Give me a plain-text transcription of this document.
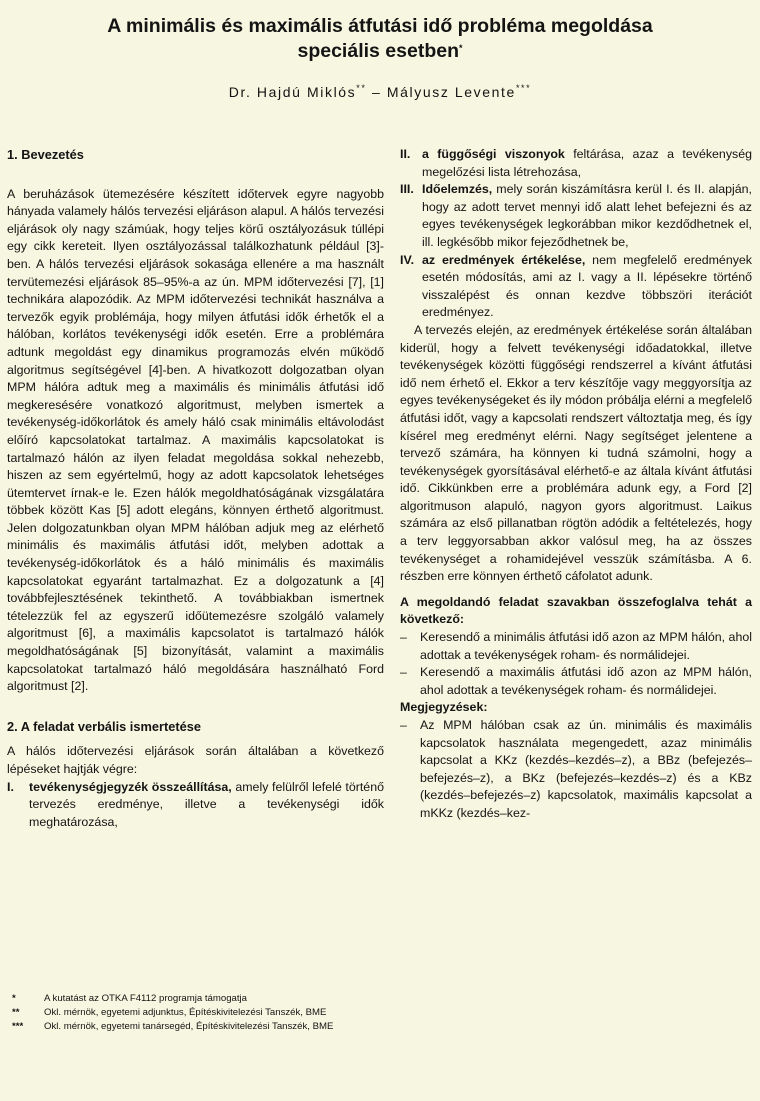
A minimális és maximális átfutási idő probléma megoldása
speciális esetben*
Dr. Hajdú Miklós** – Mályusz Levente***
1. Bevezetés

A beruházások ütemezésére készített időtervek egyre nagyobb hányada valamely hálós tervezési eljáráson alapul. A hálós tervezési eljárások oly nagy számúak, hogy teljes körű osztályozásuk túllépi egy cikk kereteit. Ilyen osztályozással találkozhatunk például [3]-ben. A hálós tervezési eljárások sokasága ellenére a ma használt tervütemezési eljárások 85–95%-a az ún. MPM időtervezési [7], [1] technikára alapozódik. Az MPM időtervezési technikát használva a tervezők egyik problémája, hogy milyen átfutási idők érhetők el a hálóban, korlátos tevékenységi idők esetén. Erre a problémára adtunk megoldást egy dinamikus programozás elvén működő algoritmus segítségével [4]-ben. A hivatkozott dolgozatban olyan MPM hálóra adtuk meg a maximális és minimális átfutási idő megkeresésére vonatkozó algoritmust, melyben ismertek a tevékenység-időkorlátok és amely háló csak minimális eltávolodást előíró kapcsolatokat tartalmaz. A maximális kapcsolatokat is tartalmazó hálón az ilyen feladat megoldása sokkal nehezebb, hiszen az sem egyértelmű, hogy az adott kapcsolatok lehetséges ütemtervet írnak-e le. Ezen hálók megoldhatóságának vizsgálatára többek között Kas [5] adott elegáns, könnyen érthető algoritmust. Jelen dolgozatunkban olyan MPM hálóban adjuk meg az elérhető minimális és maximális átfutási időt, melyben adottak a tevékenység-időkorlátok és a háló minimális és maximális kapcsolatokat egyaránt tartalmazhat. Ez a dolgozatunk a [4] továbbfejlesztésének tekinthető. A továbbiakban ismertnek tételezzük fel az egyszerű időütemezésre szolgáló valamely algoritmust [6], a maximális kapcsolatot is tartalmazó hálók megoldhatóságának [5] bizonyítását, valamint a maximális kapcsolatokat tartalmazó háló megoldására használható Ford algoritmust [2].

2. A feladat verbális ismertetése

A hálós időtervezési eljárások során általában a következő lépéseket hajtják végre:

I.	tevékenységjegyzék összeállítása, amely felülről lefelé történő tervezés eredménye, illetve a tevékenységi idők meghatározása,
II. a függőségi viszonyok feltárása, azaz a tevékenység megelőzési lista létrehozása,
III. Időelemzés, mely során kiszámításra kerül I. és II. alapján, hogy az adott tervet mennyi idő alatt lehet befejezni és az egyes tevékenységek legkorábban mikor kezdődhetnek el, ill. legkésőbb mikor fejeződhetnek be,
IV. az eredmények értékelése, nem megfelelő eredmények esetén módosítás, ami az I. vagy a II. lépésekre történő visszalépést és onnan kezdve többszöri iterációt eredményez.

A tervezés elején, az eredmények értékelése során általában kiderül, hogy a felvett tevékenységi időadatokkal, illetve tevékenységek közötti függőségi rendszerrel a kívánt átfutási idő nem érhető el. Ekkor a terv készítője vagy meggyorsítja az egyes tevékenységeket és ily módon próbálja elérni a megfelelő átfutási időt, vagy a kapcsolati rendszert változtatja meg, és így kísérel meg eredményt elérni. Nagy segítséget jelentene a tervező számára, ha könnyen ki tudná számolni, hogy a tevékenységek gyorsításával elérhető-e az általa kívánt átfutási idő. Cikkünkben erre a problémára adunk egy, a Ford [2] algoritmuson alapuló, nagyon gyors algoritmust. Laikus számára az első pillanatban rögtön adódik a feltételezés, hogy a terv leggyorsabban akkor valósul meg, ha az összes tevékenységet a rohamidejével vesszük számításba. A 6. részben erre könnyen érthető cáfolatot adunk.

A megoldandó feladat szavakban összefoglalva tehát a következő:

–	Keresendő a minimális átfutási idő azon az MPM hálón, ahol adottak a tevékenységek roham- és normálidejei.
–	Keresendő a maximális átfutási idő azon az MPM hálón, ahol adottak a tevékenységek roham- és normálidejei.

Megjegyzések:

–	Az MPM hálóban csak az ún. minimális és maximális kapcsolatok használata megengedett, azaz minimális kapcsolat a KKz (kezdés–kezdés–z), a BBz (befejezés–befejezés–z), a BKz (befejezés–kezdés–z) és a KBz (kezdés–befejezés–z) kapcsolatok, maximális kapcsolat a mKKz (kezdés–kez-
*	A kutatást az OTKA F4112 programja támogatja
**	Okl. mérnök, egyetemi adjunktus, Építéskivitelezési Tanszék, BME
***	Okl. mérnök, egyetemi tanársegéd, Építéskivitelezési Tanszék, BME
